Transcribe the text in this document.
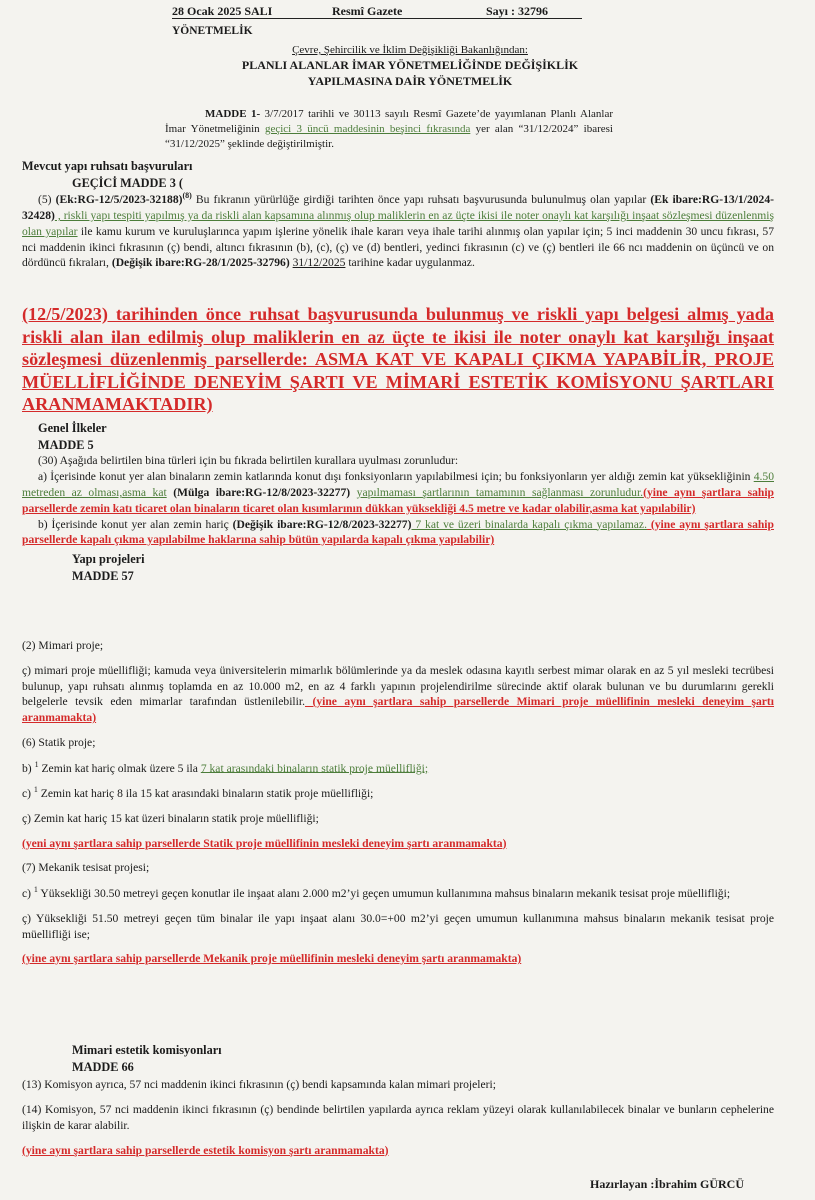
28 Ocak 2025 SALI	Resmî Gazete	Sayı : 32796
YÖNETMELİK
Çevre, Şehircilik ve İklim Değişikliği Bakanlığından:
PLANLI ALANLAR İMAR YÖNETMELİĞİNDE DEĞİŞİKLİK
YAPILMASINA DAİR YÖNETMELİK
MADDE 1- 3/7/2017 tarihli ve 30113 sayılı Resmî Gazete’de yayımlanan Planlı Alanlar İmar Yönetmeliğinin geçici 3 üncü maddesinin beşinci fıkrasında yer alan “31/12/2024” ibaresi “31/12/2025” şeklinde değiştirilmiştir.

Mevcut yapı ruhsatı başvuruları

GEÇİCİ MADDE 3 (

(5) (Ek:RG-12/5/2023-32188)$^{(8)}$ Bu fıkranın yürürlüğe girdiği tarihten önce yapı ruhsatı başvurusunda bulunulmuş olan yapılar (Ek ibare:RG-13/1/2024-32428) , riskli yapı tespiti yapılmış ya da riskli alan kapsamına alınmış olup maliklerin en az üçte ikisi ile noter onaylı kat karşılığı inşaat sözleşmesi düzenlenmiş olan yapılar ile kamu kurum ve kuruluşlarınca yapım işlerine yönelik ihale kararı veya ihale tarihi alınmış olan yapılar için; 5 inci maddenin 30 uncu fıkrası, 57 nci maddenin ikinci fıkrasının (ç) bendi, altıncı fıkrasının (b), (c), (ç) ve (d) bentleri, yedinci fıkrasının (c) ve (ç) bentleri ile 66 ncı maddenin on üçüncü ve on dördüncü fıkraları, (Değişik ibare:RG-28/1/2025-32796) 31/12/2025 tarihine kadar uygulanmaz.

(12/5/2023) tarihinden önce ruhsat başvurusunda bulunmuş ve riskli yapı belgesi almış yada riskli alan ilan edilmiş olup maliklerin en az üçte te ikisi ile noter onaylı kat karşılığı inşaat sözleşmesi düzenlenmiş parsellerde: ASMA KAT VE KAPALI ÇIKMA YAPABİLİR, PROJE MÜELLİFLİĞİNDE DENEYİM ŞARTI VE MİMARİ ESTETİK KOMİSYONU ŞARTLARI ARANMAMAKTADIR)

Genel İlkeler

MADDE 5

(30) Aşağıda belirtilen bina türleri için bu fıkrada belirtilen kurallara uyulması zorunludur:

a) İçerisinde konut yer alan binaların zemin katlarında konut dışı fonksiyonların yapılabilmesi için; bu fonksiyonların yer aldığı zemin kat yüksekliğinin 4.50 metreden az olması,asma kat (Mülga ibare:RG-12/8/2023-32277) yapılmaması şartlarının tamamının sağlanması zorunludur.(yine aynı şartlara sahip parsellerde zemin katı ticaret olan binaların ticaret olan kısımlarının dükkan yüksekliği 4.5 metre ve kadar olabilir,asma kat yapılabilir)

b) İçerisinde konut yer alan zemin hariç (Değişik ibare:RG-12/8/2023-32277) 7 kat ve üzeri binalarda kapalı çıkma yapılamaz. (yine aynı şartlara sahip parsellerde kapalı çıkma yapılabilme haklarına sahip bütün yapılarda kapalı çıkma yapılabilir)

Yapı projeleri

MADDE 57

(2) Mimari proje;

ç) mimari proje müellifliği; kamuda veya üniversitelerin mimarlık bölümlerinde ya da meslek odasına kayıtlı serbest mimar olarak en az 5 yıl mesleki tecrübesi bulunup, yapı ruhsatı alınmış toplamda en az 10.000 m2, en az 4 farklı yapının projelendirilme sürecinde aktif olarak bulunan ve bu durumlarını gerekli belgelerle tevsik eden mimarlar tarafından üstlenilebilir. (yine aynı şartlara sahip parsellerde Mimari proje müellifinin mesleki deneyim şartı aranmamakta)

(6) Statik proje;

b) $^1$ Zemin kat hariç olmak üzere 5 ila 7 kat arasındaki binaların statik proje müellifliği;

c) $^1$ Zemin kat hariç 8 ila 15 kat arasındaki binaların statik proje müellifliği;

ç) Zemin kat hariç 15 kat üzeri binaların statik proje müellifliği;

(yeni aynı şartlara sahip parsellerde Statik proje müellifinin mesleki deneyim şartı aranmamakta)

(7) Mekanik tesisat projesi;

c) $^1$ Yüksekliği 30.50 metreyi geçen konutlar ile inşaat alanı 2.000 m2’yi geçen umumun kullanımına mahsus binaların mekanik tesisat proje müellifliği;

ç) Yüksekliği 51.50 metreyi geçen tüm binalar ile yapı inşaat alanı 30.0=+00 m2’yi geçen umumun kullanımına mahsus binaların mekanik tesisat proje müellifliği ise;

(yine aynı şartlara sahip parsellerde Mekanik proje müellifinin mesleki deneyim şartı aranmamakta)

Mimari estetik komisyonları

MADDE 66

(13) Komisyon ayrıca, 57 nci maddenin ikinci fıkrasının (ç) bendi kapsamında kalan mimari projeleri;

(14) Komisyon, 57 nci maddenin ikinci fıkrasının (ç) bendinde belirtilen yapılarda ayrıca reklam yüzeyi olarak kullanılabilecek binalar ve bunların cephelerine ilişkin de karar alabilir.

(yine aynı şartlara sahip parsellerde estetik komisyon şartı aranmamakta)

Hazırlayan :İbrahim GÜRCÜ
